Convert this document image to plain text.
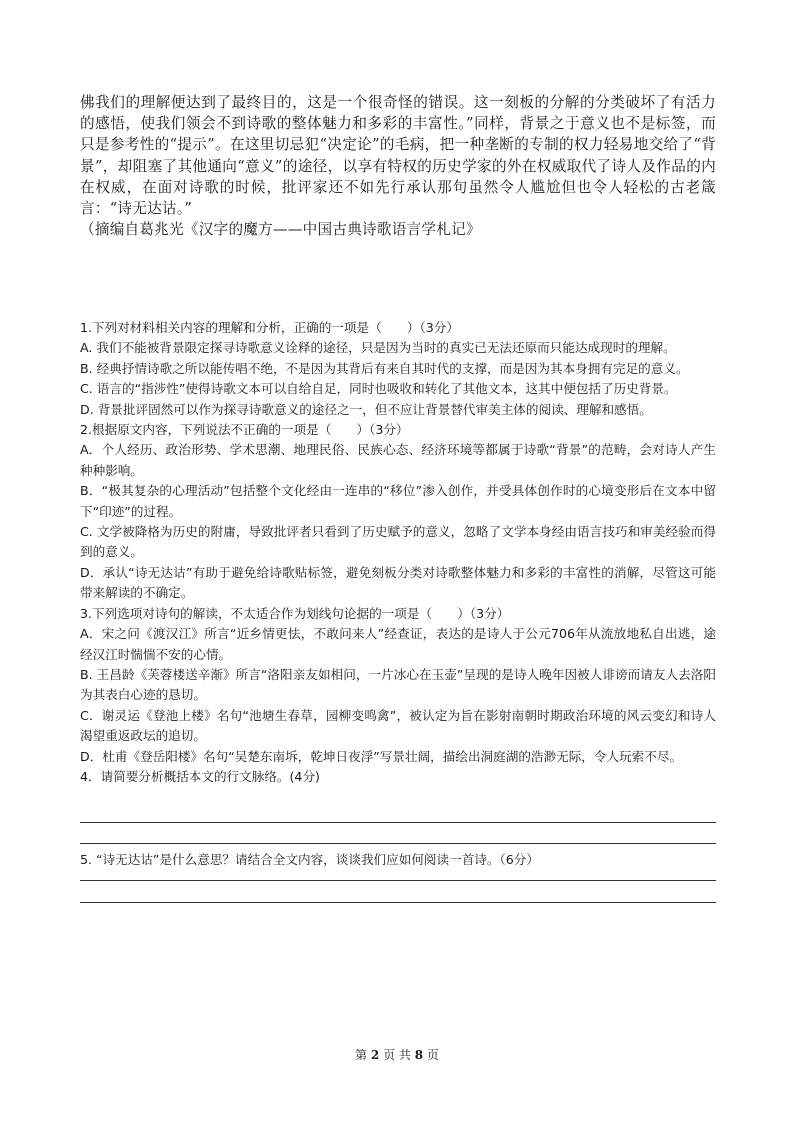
佛我们的理解便达到了最终目的，这是一个很奇怪的错误。这一刻板的分解的分类破坏了有活力的感悟，使我们领会不到诗歌的整体魅力和多彩的丰富性。”同样，背景之于意义也不是标签，而只是参考性的“提示”。在这里切忌犯“决定论”的毛病，把一种垄断的专制的权力轻易地交给了“背景”，却阻塞了其他通向“意义”的途径，以享有特权的历史学家的外在权威取代了诗人及作品的内在权威，在面对诗歌的时候，批评家还不如先行承认那句虽然令人尴尬但也令人轻松的古老箴言：“诗无达诂。”

（摘编自葛兆光《汉字的魔方——中国古典诗歌语言学札记》

1.下列对材料相关内容的理解和分析，正确的一项是（　　）（3分）

A. 我们不能被背景限定探寻诗歌意义诠释的途径，只是因为当时的真实已无法还原而只能达成现时的理解。

B. 经典抒情诗歌之所以能传唱不绝，不是因为其背后有来自其时代的支撑，而是因为其本身拥有完足的意义。

C. 语言的“指涉性”使得诗歌文本可以自给自足，同时也吸收和转化了其他文本，这其中便包括了历史背景。

D. 背景批评固然可以作为探寻诗歌意义的途径之一，但不应让背景替代审美主体的阅读、理解和感悟。

2.根据原文内容，下列说法不正确的一项是（　　）（3分）

A．个人经历、政治形势、学术思潮、地理民俗、民族心态、经济环境等都属于诗歌“背景”的范畴，会对诗人产生种种影响。

B．“极其复杂的心理活动”包括整个文化经由一连串的“移位”渗入创作，并受具体创作时的心境变形后在文本中留下“印迹”的过程。

C. 文学被降格为历史的附庸，导致批评者只看到了历史赋予的意义，忽略了文学本身经由语言技巧和审美经验而得到的意义。

D．承认“诗无达诂”有助于避免给诗歌贴标签，避免刻板分类对诗歌整体魅力和多彩的丰富性的消解，尽管这可能带来解读的不确定。

3.下列选项对诗句的解读，不太适合作为划线句论据的一项是（　　）（3分）

A．宋之问《渡汉江》所言“近乡情更怯，不敢问来人”经查证，表达的是诗人于公元706年从流放地私自出逃，途经汉江时惴惴不安的心情。

B. 王昌龄《芙蓉楼送辛渐》所言“洛阳亲友如相问，一片冰心在玉壶”呈现的是诗人晚年因被人诽谤而请友人去洛阳为其表白心迹的恳切。

C．谢灵运《登池上楼》名句“池塘生春草，园柳变鸣禽”，被认定为旨在影射南朝时期政治环境的风云变幻和诗人渴望重返政坛的追切。

D．杜甫《登岳阳楼》名句“吴楚东南坼，乾坤日夜浮”写景壮阔，描绘出洞庭湖的浩渺无际，令人玩索不尽。

4．请简要分析概括本文的行文脉络。(4分)

5. “诗无达诂”是什么意思？请结合全文内容，谈谈我们应如何阅读一首诗。（6分）

第 2 页 共 8 页
